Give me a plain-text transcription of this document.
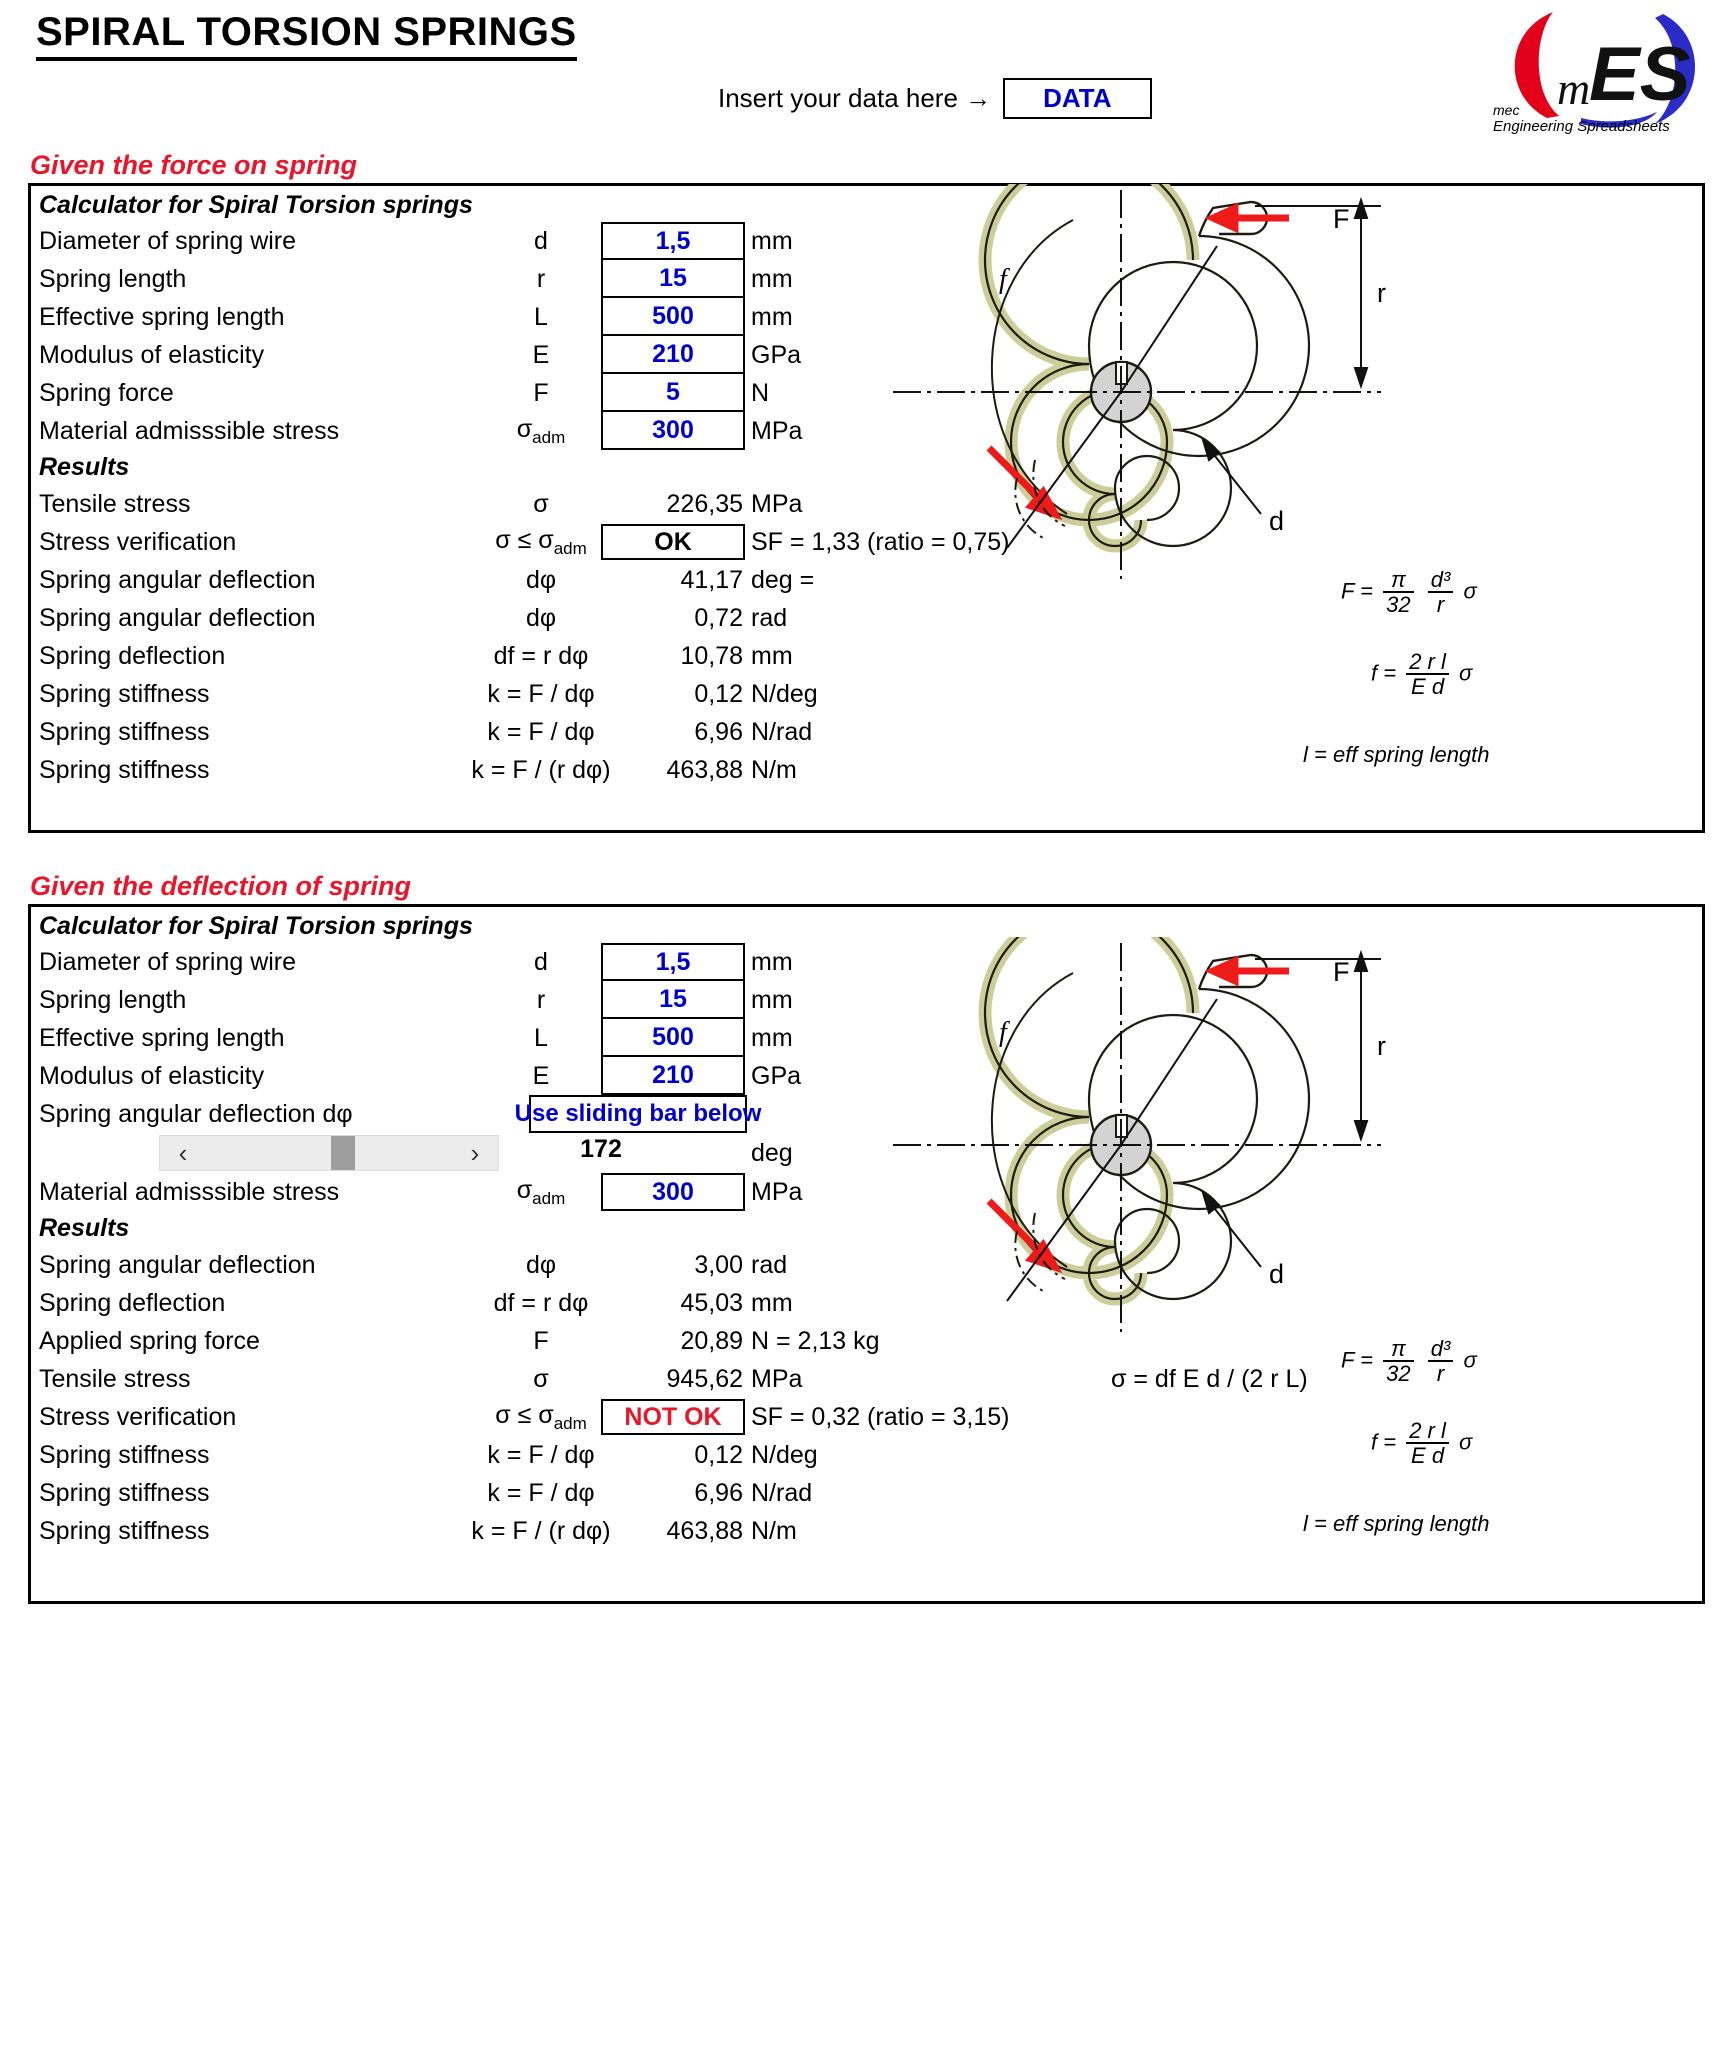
SPIRAL TORSION SPRINGS
Insert your data here →	DATA	m
ES
mec
Engineering Spreadsheets
Given the force on spring
Calculator for Spiral Torsion springs
Diameter of spring wire	d	1,5	mm
Spring length	r	15	mm
Effective spring length	L	500	mm
Modulus of elasticity	E	210	GPa
Spring force	F	5	N
Material admisssible stress	$\sigma_{adm}$	300	MPa
Results
Tensile stress	σ	226,35 MPa
Stress verification	$\sigma \le \sigma_{adm}$	OK	SF = 1,33 (ratio = 0,75)
Spring angular deflection	dφ	41,17 deg =
Spring angular deflection	dφ	0,72 rad
Spring deflection	df = r dφ	10,78 mm
Spring stiffness	k = F / dφ	0,12 N/deg
Spring stiffness	k = F / dφ	6,96 N/rad
Spring stiffness	k = F / (r dφ)	463,88 N/m
F
f	r
d
$F = \frac{\pi}{32}$
$\frac{\text{d³}}{r}$ σ
$f = \frac{\text{2 r l}}{\text{E d}}$ σ
l = eff spring length
Given the deflection of spring
Calculator for Spiral Torsion springs
Diameter of spring wire	d	1,5	mm
Spring length	r	15	mm
Effective spring length	L	500	mm
Modulus of elasticity	E	210	GPa
Spring angular deflection dφ	Use sliding bar below
‹	›	172	deg
Material admisssible stress	$\sigma_{adm}$	300	MPa
Results
Spring angular deflection	dφ	3,00 rad
Spring deflection	df = r dφ	45,03 mm
Applied spring force	F	20,89 N = 2,13 kg
Tensile stress	σ	945,62 MPa	σ = df E d / (2 r L)
Stress verification	$\sigma \le \sigma_{adm}$	NOT OK	SF = 0,32 (ratio = 3,15)
Spring stiffness	k = F / dφ	0,12 N/deg
Spring stiffness	k = F / dφ	6,96 N/rad
Spring stiffness	k = F / (r dφ)	463,88 N/m
F
f	r
d
$F = \frac{\pi}{32}$
$\frac{\text{d³}}{r}$ σ
$f = \frac{\text{2 r l}}{\text{E d}}$ σ
l = eff spring length
